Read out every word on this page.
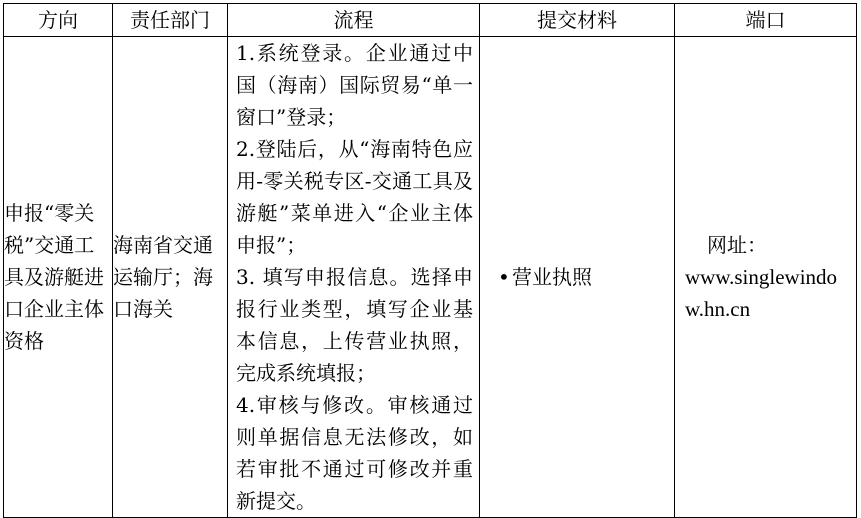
方向	责任部门	流程	提交材料	端口
申报“零关税”交通工具及游艇进口企业主体资格	海南省交通运输厅；海口海关	1.系统登录。企业通过中国（海南）国际贸易“单一窗口”登录；
2.登陆后，从“海南特色应用-零关税专区-交通工具及游艇”菜单进入“企业主体申报”；
3. 填写申报信息。选择申报行业类型，填写企业基本信息，上传营业执照，完成系统填报；
4.审核与修改。审核通过则单据信息无法修改，如若审批不通过可修改并重新提交。	• 营业执照	网址：
www.singlewindow.hn.cn
